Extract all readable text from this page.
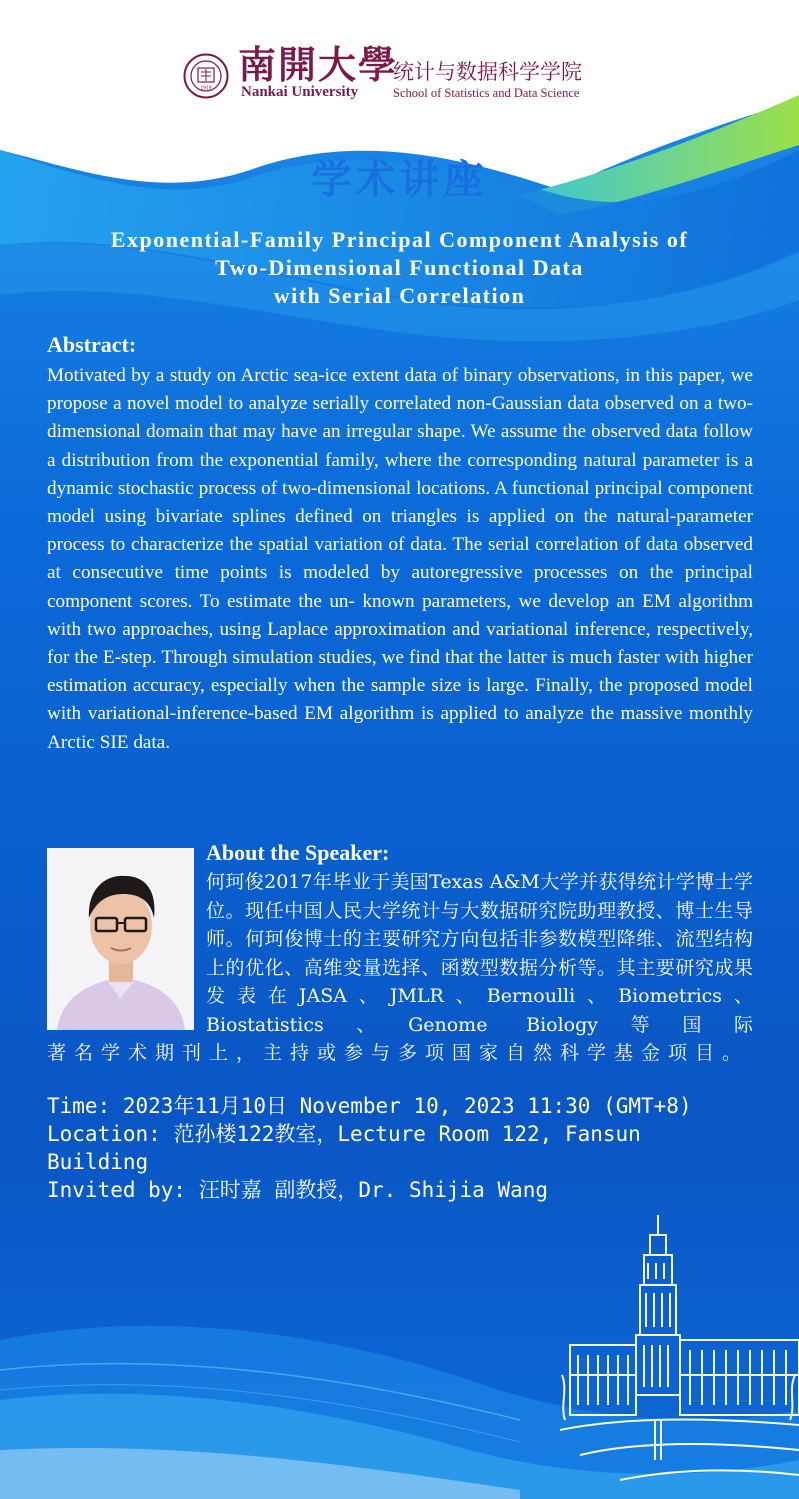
1919
南開大學
Nankai University
统计与数据科学学院
School of Statistics and Data Science
学术讲座
Exponential-Family Principal Component Analysis of
Two-Dimensional Functional Data
with Serial Correlation
Abstract:
Motivated by a study on Arctic sea-ice extent data of binary observations, in this paper, we propose a novel model to analyze serially correlated non-Gaussian data observed on a two-dimensional domain that may have an irregular shape. We assume the observed data follow a distribution from the exponential family, where the corresponding natural parameter is a dynamic stochastic process of two-dimensional locations. A functional principal component model using bivariate splines defined on triangles is applied on the natural-parameter process to characterize the spatial variation of data. The serial correlation of data observed at consecutive time points is modeled by autoregressive processes on the principal component scores. To estimate the un- known parameters, we develop an EM algorithm with two approaches, using Laplace approximation and variational inference, respectively, for the E-step. Through simulation studies, we find that the latter is much faster with higher estimation accuracy, especially when the sample size is large. Finally, the proposed model with variational-inference-based EM algorithm is applied to analyze the massive monthly Arctic SIE data.
About the Speaker:
何珂俊2017年毕业于美国Texas A&M大学并获得统计学博士学位。现任中国人民大学统计与大数据研究院助理教授、博士生导师。何珂俊博士的主要研究方向包括非参数模型降维、流型结构上的优化、高维变量选择、函数型数据分析等。其主要研究成果发表在JASA、JMLR、Bernoulli、Biometrics、Biostatistics、Genome Biology等国际
著名学术期刊上，主持或参与多项国家自然科学基金项目。
Time: 2023年11月10日 November 10, 2023 11:30 (GMT+8)
Location: 范孙楼122教室，Lecture Room 122, Fansun Building
Invited by: 汪时嘉 副教授，Dr. Shijia Wang
